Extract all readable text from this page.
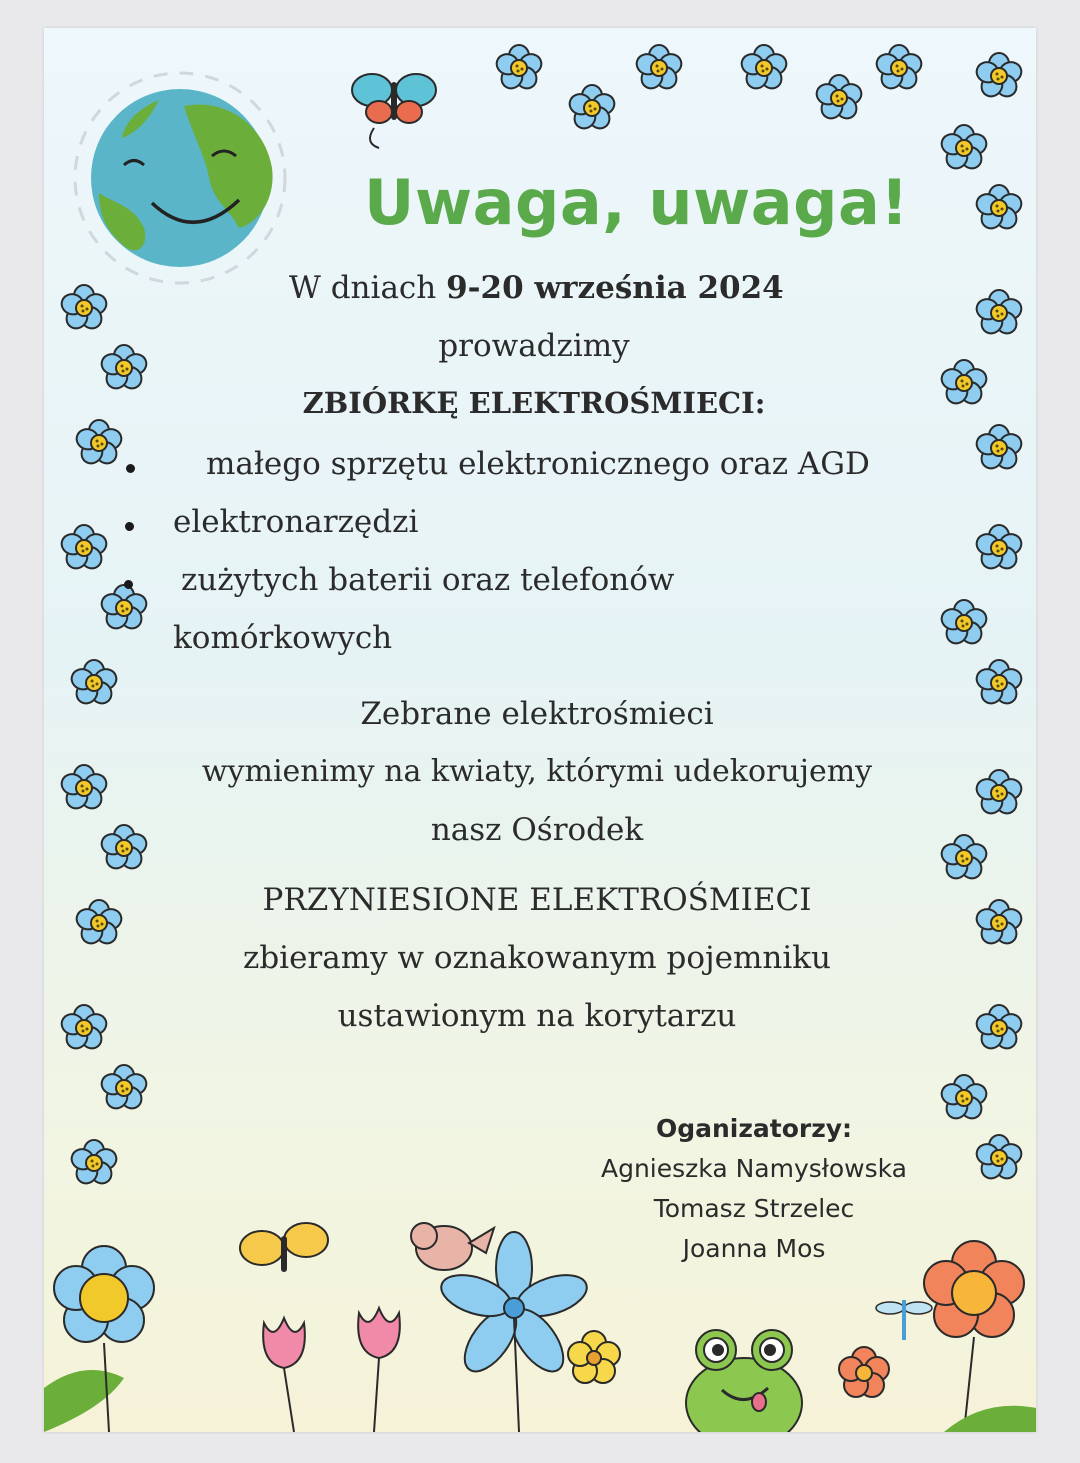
Uwaga, uwaga!

W dniach 9-20 września 2024

prowadzimy

ZBIÓRKĘ ELEKTROŚMIECI:

małego sprzętu elektronicznego oraz AGD
elektronarzędzi
zużytych baterii oraz telefonów
komórkowych

Zebrane elektrośmieci

wymienimy na kwiaty, którymi udekorujemy

nasz Ośrodek

PRZYNIESIONE ELEKTROŚMIECI

zbieramy w oznakowanym pojemniku

ustawionym na korytarzu

Oganizatorzy:

Agnieszka Namysłowska

Tomasz Strzelec

Joanna Mos
